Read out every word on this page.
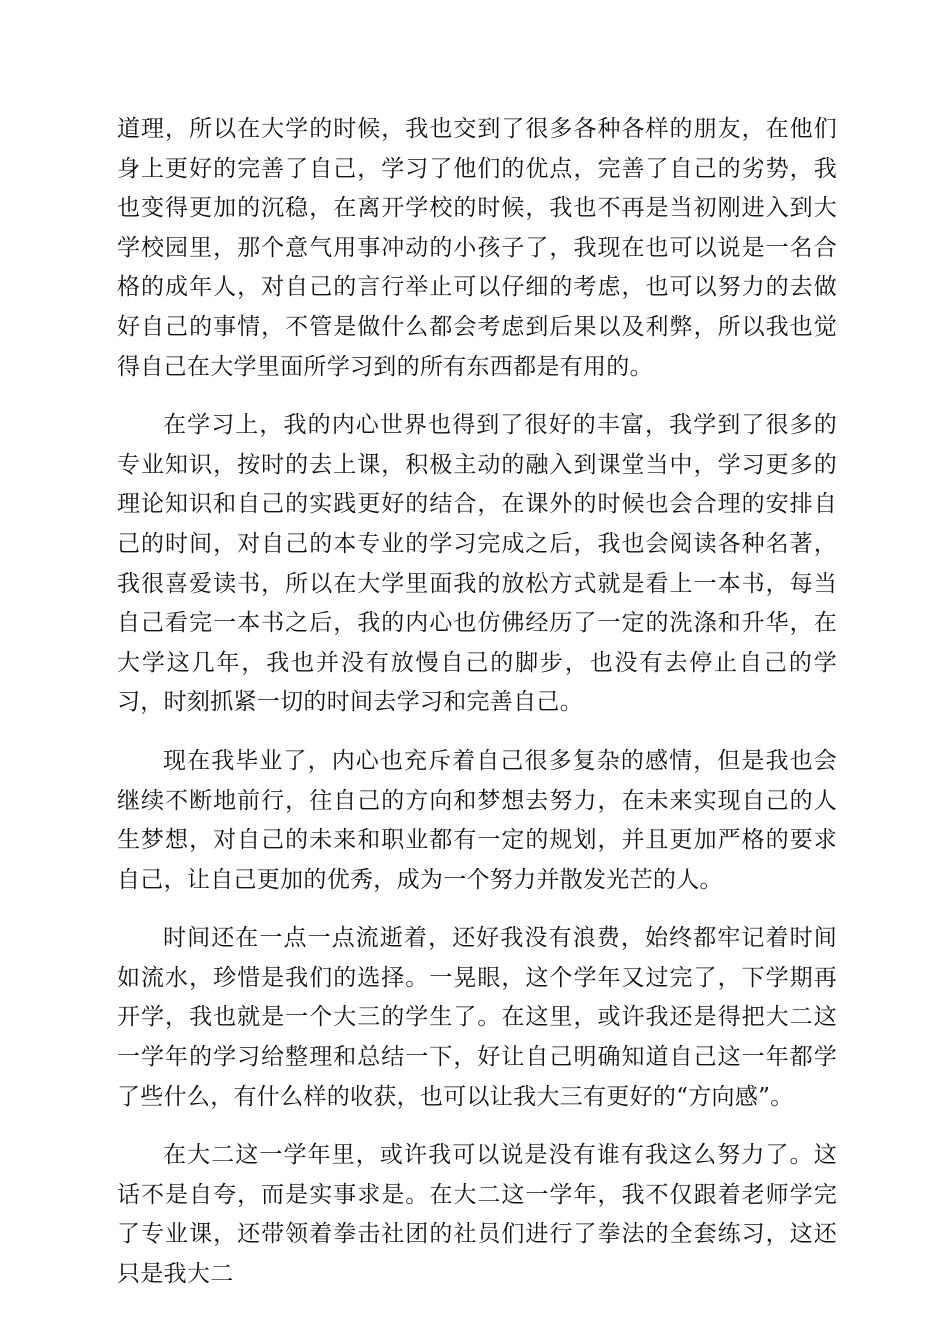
道理，所以在大学的时候，我也交到了很多各种各样的朋友，在他们身上更好的完善了自己，学习了他们的优点，完善了自己的劣势，我也变得更加的沉稳，在离开学校的时候，我也不再是当初刚进入到大学校园里，那个意气用事冲动的小孩子了，我现在也可以说是一名合格的成年人，对自己的言行举止可以仔细的考虑，也可以努力的去做好自己的事情，不管是做什么都会考虑到后果以及利弊，所以我也觉得自己在大学里面所学习到的所有东西都是有用的。

在学习上，我的内心世界也得到了很好的丰富，我学到了很多的专业知识，按时的去上课，积极主动的融入到课堂当中，学习更多的理论知识和自己的实践更好的结合，在课外的时候也会合理的安排自己的时间，对自己的本专业的学习完成之后，我也会阅读各种名著，我很喜爱读书，所以在大学里面我的放松方式就是看上一本书，每当自己看完一本书之后，我的内心也仿佛经历了一定的洗涤和升华，在大学这几年，我也并没有放慢自己的脚步，也没有去停止自己的学习，时刻抓紧一切的时间去学习和完善自己。

现在我毕业了，内心也充斥着自己很多复杂的感情，但是我也会继续不断地前行，往自己的方向和梦想去努力，在未来实现自己的人生梦想，对自己的未来和职业都有一定的规划，并且更加严格的要求自己，让自己更加的优秀，成为一个努力并散发光芒的人。

时间还在一点一点流逝着，还好我没有浪费，始终都牢记着时间如流水，珍惜是我们的选择。一晃眼，这个学年又过完了，下学期再开学，我也就是一个大三的学生了。在这里，或许我还是得把大二这一学年的学习给整理和总结一下，好让自己明确知道自己这一年都学了些什么，有什么样的收获，也可以让我大三有更好的“方向感”。

在大二这一学年里，或许我可以说是没有谁有我这么努力了。这话不是自夸，而是实事求是。在大二这一学年，我不仅跟着老师学完了专业课，还带领着拳击社团的社员们进行了拳法的全套练习，这还只是我大二
